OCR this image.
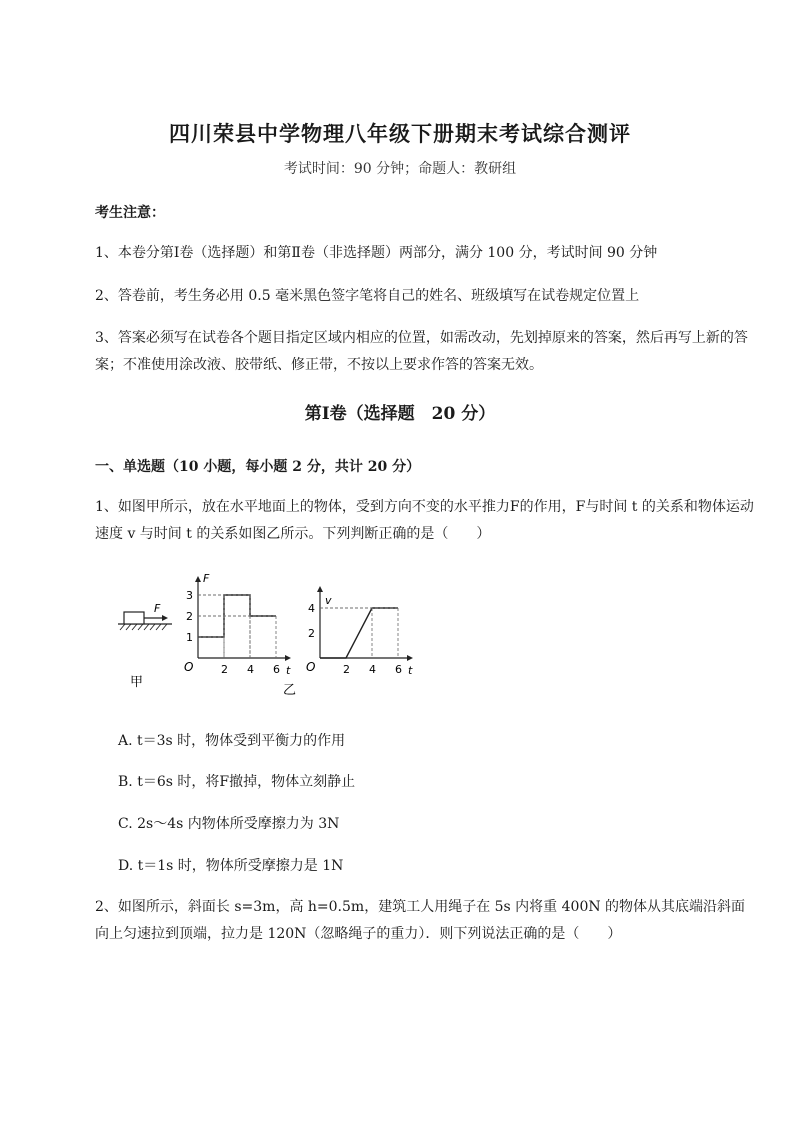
四川荣县中学物理八年级下册期末考试综合测评
考试时间：90 分钟；命题人：教研组
考生注意：
1、本卷分第Ⅰ卷（选择题）和第Ⅱ卷（非选择题）两部分，满分 100 分，考试时间 90 分钟
2、答卷前，考生务必用 0.5 毫米黑色签字笔将自己的姓名、班级填写在试卷规定位置上
3、答案必须写在试卷各个题目指定区域内相应的位置，如需改动，先划掉原来的答案，然后再写上新的答案；不准使用涂改液、胶带纸、修正带，不按以上要求作答的答案无效。
第Ⅰ卷（选择题　20 分）
一、单选题（10 小题，每小题 2 分，共计 20 分）
1、如图甲所示，放在水平地面上的物体，受到方向不变的水平推力F的作用，F与时间 t 的关系和物体运动速度 v 与时间 t 的关系如图乙所示。下列判断正确的是（　　）
F
甲
乙
F
t
O
1
2
3
2 4 6
v
t
O
2
4
2 4 6
A. t＝3s 时，物体受到平衡力的作用
B. t＝6s 时，将F撤掉，物体立刻静止
C. 2s～4s 内物体所受摩擦力为 3N
D. t＝1s 时，物体所受摩擦力是 1N
2、如图所示，斜面长 s=3m，高 h=0.5m，建筑工人用绳子在 5s 内将重 400N 的物体从其底端沿斜面向上匀速拉到顶端，拉力是 120N（忽略绳子的重力）．则下列说法正确的是（　　）
